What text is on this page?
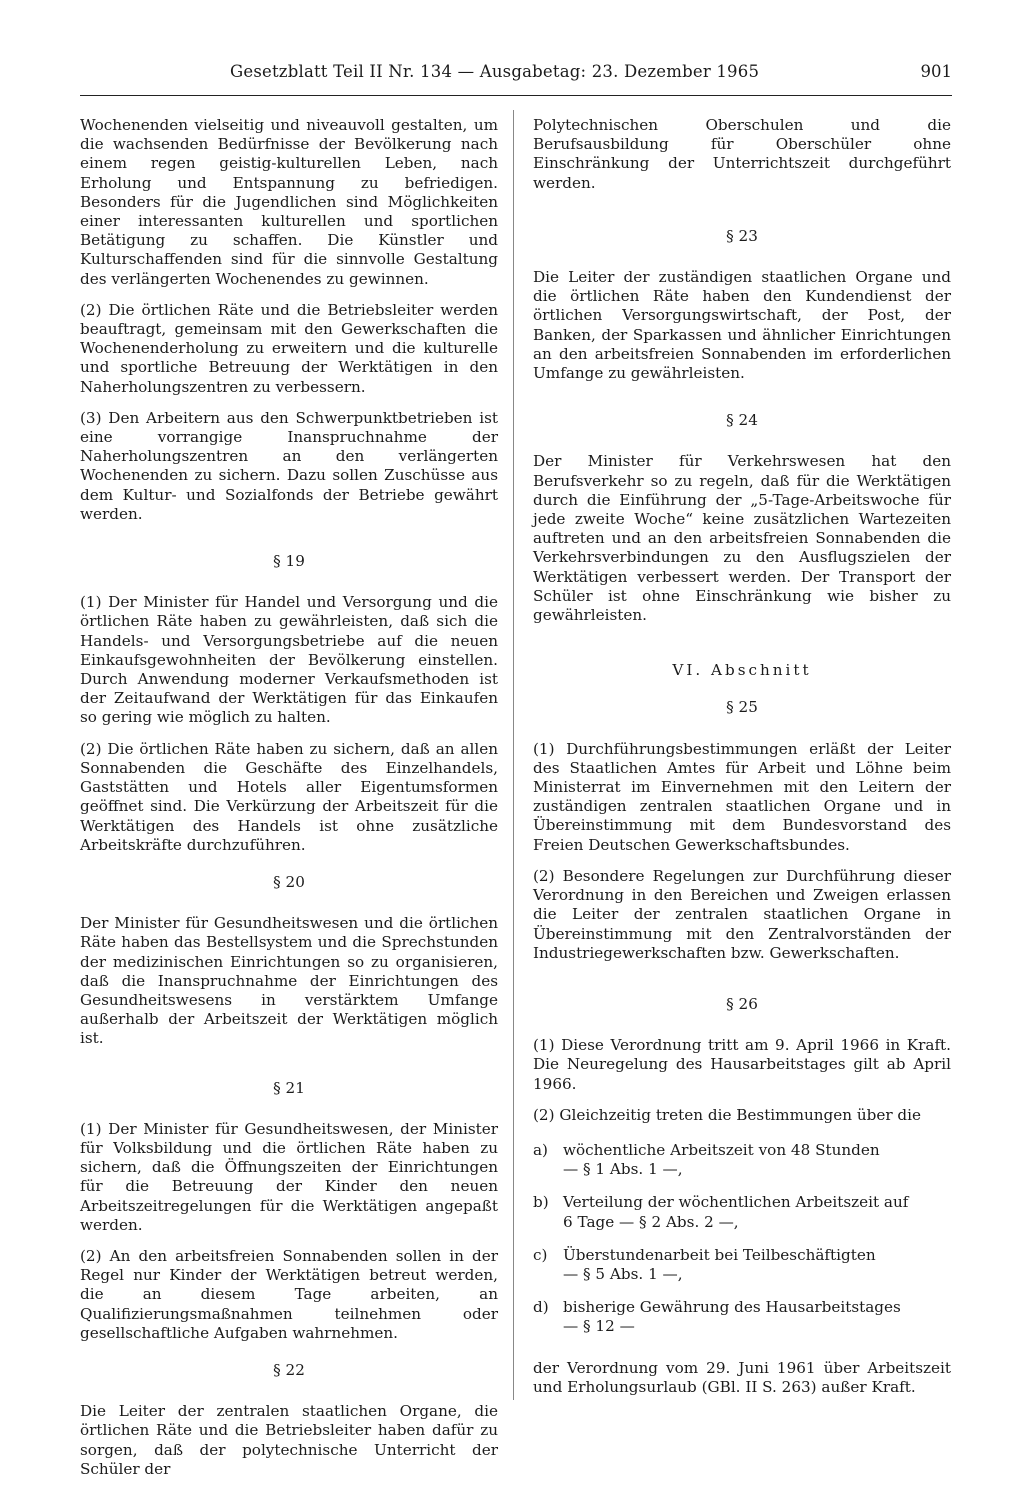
Gesetzblatt Teil II Nr. 134 — Ausgabetag: 23. Dezember 1965	901

Wochenenden vielseitig und niveauvoll gestalten, um die wachsenden Bedürfnisse der Bevölkerung nach einem regen geistig-kulturellen Leben, nach Erholung und Entspannung zu befriedigen. Besonders für die Jugendlichen sind Möglichkeiten einer interessanten kulturellen und sportlichen Betätigung zu schaffen. Die Künstler und Kulturschaffenden sind für die sinnvolle Gestaltung des verlängerten Wochenendes zu gewinnen.

(2) Die örtlichen Räte und die Betriebsleiter werden beauftragt, gemeinsam mit den Gewerkschaften die Wochenenderholung zu erweitern und die kulturelle und sportliche Betreuung der Werktätigen in den Naherholungszentren zu verbessern.

(3) Den Arbeitern aus den Schwerpunktbetrieben ist eine vorrangige Inanspruchnahme der Naherholungszentren an den verlängerten Wochenenden zu sichern. Dazu sollen Zuschüsse aus dem Kultur- und Sozialfonds der Betriebe gewährt werden.

§ 19

(1) Der Minister für Handel und Versorgung und die örtlichen Räte haben zu gewährleisten, daß sich die Handels- und Versorgungsbetriebe auf die neuen Einkaufsgewohnheiten der Bevölkerung einstellen. Durch Anwendung moderner Verkaufsmethoden ist der Zeitaufwand der Werktätigen für das Einkaufen so gering wie möglich zu halten.

(2) Die örtlichen Räte haben zu sichern, daß an allen Sonnabenden die Geschäfte des Einzelhandels, Gaststätten und Hotels aller Eigentumsformen geöffnet sind. Die Verkürzung der Arbeitszeit für die Werktätigen des Handels ist ohne zusätzliche Arbeitskräfte durchzuführen.

§ 20

Der Minister für Gesundheitswesen und die örtlichen Räte haben das Bestellsystem und die Sprechstunden der medizinischen Einrichtungen so zu organisieren, daß die Inanspruchnahme der Einrichtungen des Gesundheitswesens in verstärktem Umfange außerhalb der Arbeitszeit der Werktätigen möglich ist.

§ 21

(1) Der Minister für Gesundheitswesen, der Minister für Volksbildung und die örtlichen Räte haben zu sichern, daß die Öffnungszeiten der Einrichtungen für die Betreuung der Kinder den neuen Arbeitszeitregelungen für die Werktätigen angepaßt werden.

(2) An den arbeitsfreien Sonnabenden sollen in der Regel nur Kinder der Werktätigen betreut werden, die an diesem Tage arbeiten, an Qualifizierungsmaßnahmen teilnehmen oder gesellschaftliche Aufgaben wahrnehmen.

§ 22

Die Leiter der zentralen staatlichen Organe, die örtlichen Räte und die Betriebsleiter haben dafür zu sorgen, daß der polytechnische Unterricht der Schüler der

Polytechnischen Oberschulen und die Berufsausbildung für Oberschüler ohne Einschränkung der Unterrichtszeit durchgeführt werden.

§ 23

Die Leiter der zuständigen staatlichen Organe und die örtlichen Räte haben den Kundendienst der örtlichen Versorgungswirtschaft, der Post, der Banken, der Sparkassen und ähnlicher Einrichtungen an den arbeitsfreien Sonnabenden im erforderlichen Umfange zu gewährleisten.

§ 24

Der Minister für Verkehrswesen hat den Berufsverkehr so zu regeln, daß für die Werktätigen durch die Einführung der „5-Tage-Arbeitswoche für jede zweite Woche“ keine zusätzlichen Wartezeiten auftreten und an den arbeitsfreien Sonnabenden die Verkehrsverbindungen zu den Ausflugszielen der Werktätigen verbessert werden. Der Transport der Schüler ist ohne Einschränkung wie bisher zu gewährleisten.

VI. Abschnitt
§ 25

(1) Durchführungsbestimmungen erläßt der Leiter des Staatlichen Amtes für Arbeit und Löhne beim Ministerrat im Einvernehmen mit den Leitern der zuständigen zentralen staatlichen Organe und in Übereinstimmung mit dem Bundesvorstand des Freien Deutschen Gewerkschaftsbundes.

(2) Besondere Regelungen zur Durchführung dieser Verordnung in den Bereichen und Zweigen erlassen die Leiter der zentralen staatlichen Organe in Übereinstimmung mit den Zentralvorständen der Industriegewerkschaften bzw. Gewerkschaften.

§ 26

(1) Diese Verordnung tritt am 9. April 1966 in Kraft. Die Neuregelung des Hausarbeitstages gilt ab April 1966.

(2) Gleichzeitig treten die Bestimmungen über die

a) wöchentliche Arbeitszeit von 48 Stunden
— § 1 Abs. 1 —,
b) Verteilung der wöchentlichen Arbeitszeit auf
6 Tage — § 2 Abs. 2 —,
c)	Überstundenarbeit bei Teilbeschäftigten
— § 5 Abs. 1 —,
d) bisherige Gewährung des Hausarbeitstages
— § 12 —

der Verordnung vom 29. Juni 1961 über Arbeitszeit und Erholungsurlaub (GBl. II S. 263) außer Kraft.
